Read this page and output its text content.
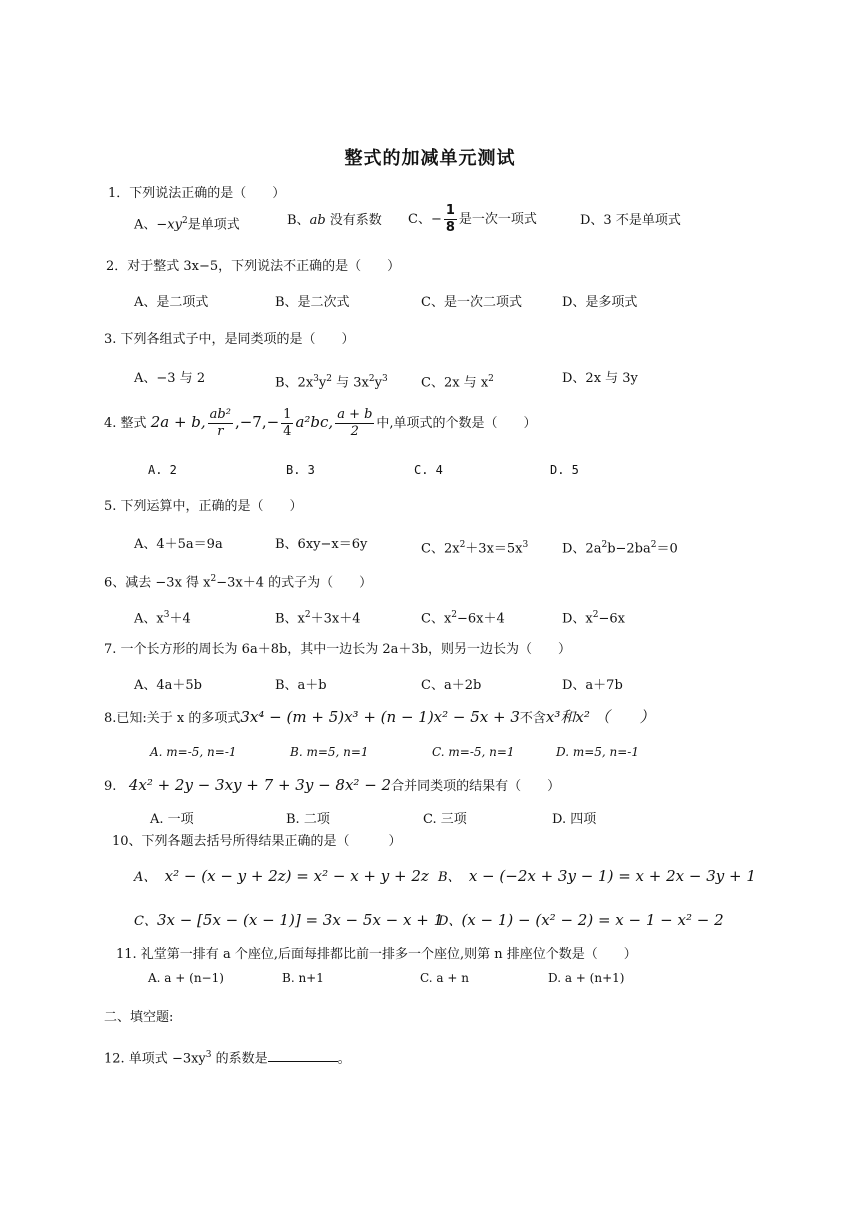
整式的加减单元测试
1．下列说法正确的是（　　）
A、$-xy^2$是单项式	B、ab 没有系数 C、− $\frac{1}{8}$ 是一次一项式	D、3 不是单项式
2．对于整式 3x−5，下列说法不正确的是（　　）
A、是二项式	B、是二次式	C、是一次二项式	D、是多项式
3. 下列各组式子中，是同类项的是（　　）
A、−3 与 2	B、$2x^3y^2$ 与 $3x^2y^3$	C、2x 与 $x^2$	D、2x 与 3y
4. 整式 2a + b, $\frac{\text{ab²}}{r} ,-7,- \frac{1}{4} a^2bc$, $\frac{a + b}{2}$ 中,单项式的个数是（　　）
A. 2	B. 3	C. 4	D. 5
5. 下列运算中，正确的是（　　）
A、4＋5a＝9a	B、6xy−x＝6y	C、$2x^2+3x=5x^3$	D、$2a^2b-2ba^2=0$
6、减去 −3x 得 $x^2-3x+4$ 的式子为（　　）
A、$x^3+4$	B、$x^2+3x+4$	C、$x^2-6x+4$	D、$x^2-6x$
7. 一个长方形的周长为 6a＋8b，其中一边长为 2a＋3b，则另一边长为（　　）
A、4a＋5b	B、a＋b	C、a＋2b	D、a＋7b
8.已知:关于 x 的多项式3x⁴ − (m + 5)x³ + (n − 1)x² − 5x + 3不含x³和x² （　　）
A. m=-5, n=-1	B. m=5, n=1	C. m=-5, n=1	D. m=5, n=-1
9. 4x² + 2y − 3xy + 7 + 3y − 8x² − 2合并同类项的结果有（　　）
A. 一项	B. 二项	C. 三项	D. 四项
10、下列各题去括号所得结果正确的是（　　　）
A、 x² − (x − y + 2z) = x² − x + y + 2z B、 x − (−2x + 3y − 1) = x + 2x − 3y + 1
C、3x − [5x − (x − 1)] = 3x − 5x − x + 1
D、(x − 1) − (x² − 2) = x − 1 − x² − 2
11. 礼堂第一排有 a 个座位,后面每排都比前一排多一个座位,则第 n 排座位个数是（　　）
A. a + (n−1)	B. n+1	C. a + n	D. a + (n+1)
二、填空题:
12. 单项式 $-3xy^3$ 的系数是	。
